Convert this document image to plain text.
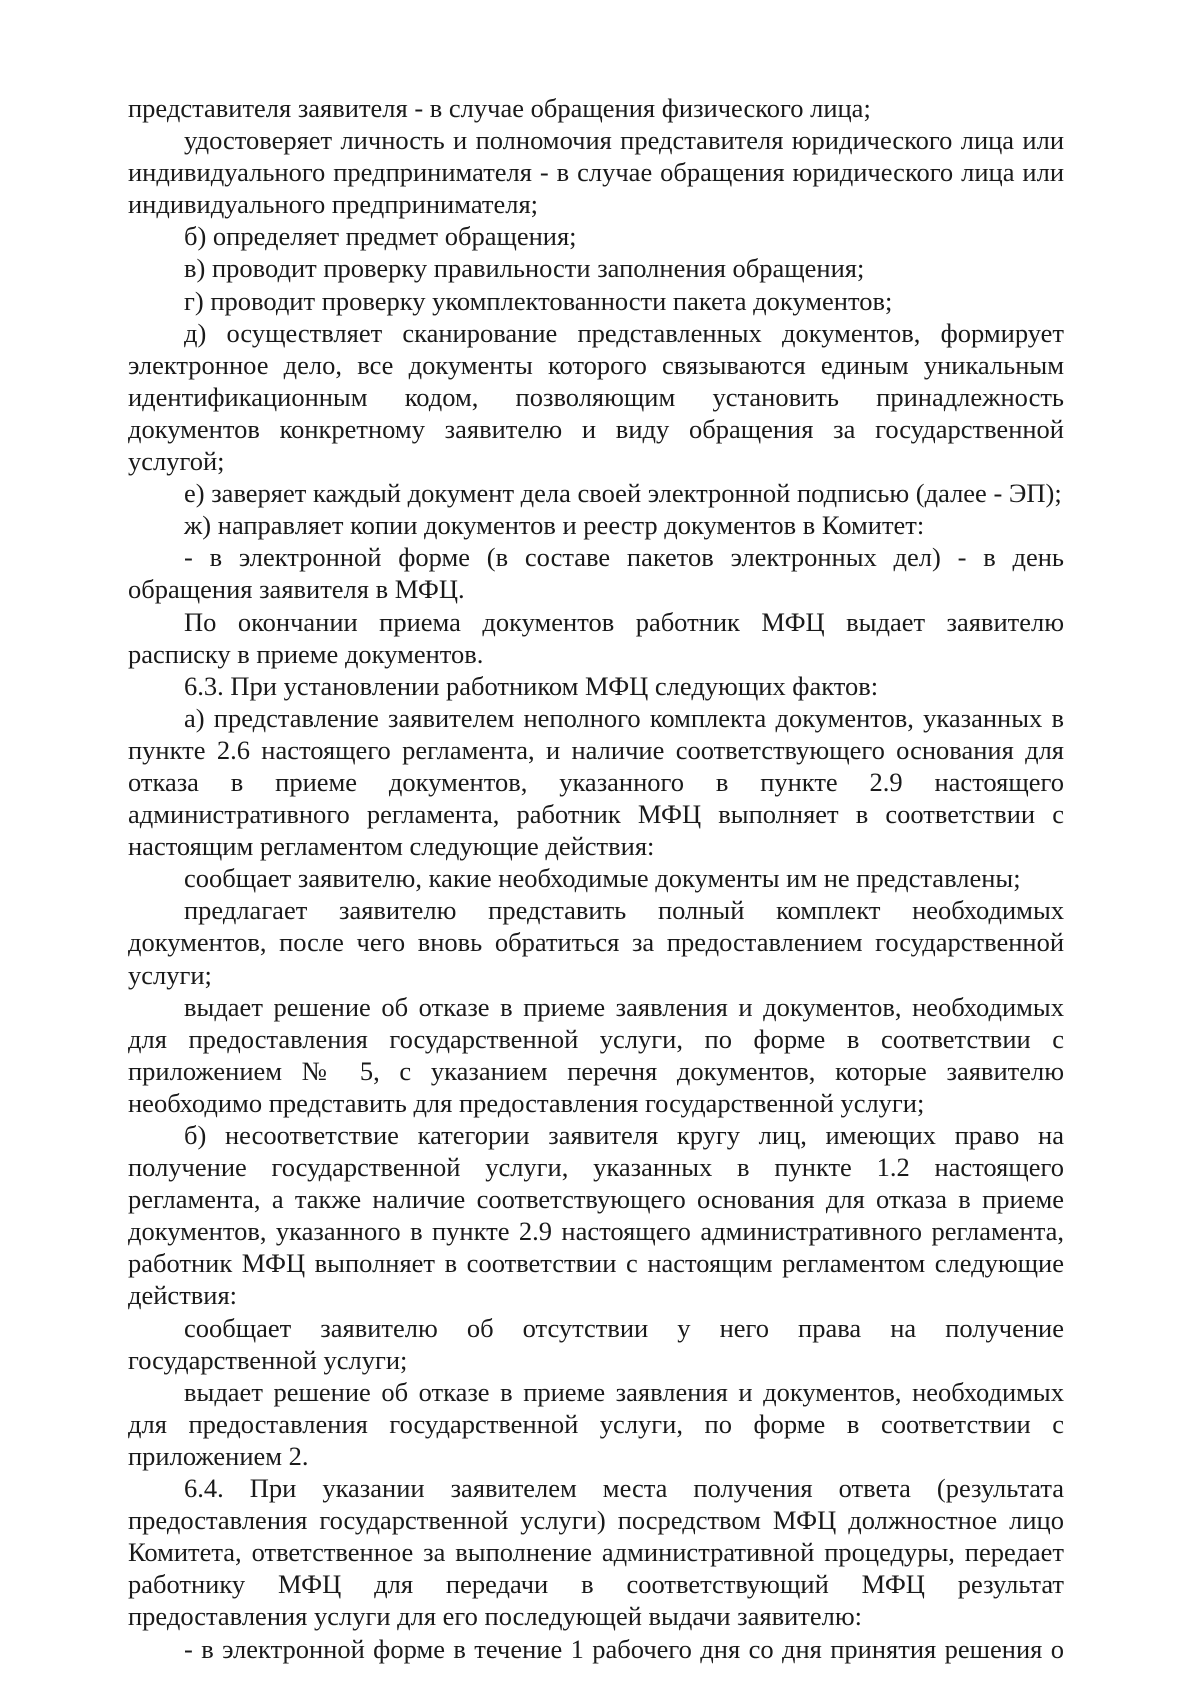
представителя заявителя - в случае обращения физического лица;

удостоверяет личность и полномочия представителя юридического лица или индивидуального предпринимателя - в случае обращения юридического лица или индивидуального предпринимателя;

б) определяет предмет обращения;

в) проводит проверку правильности заполнения обращения;

г) проводит проверку укомплектованности пакета документов;

д) осуществляет сканирование представленных документов, формирует электронное дело, все документы которого связываются единым уникальным идентификационным кодом, позволяющим установить принадлежность документов конкретному заявителю и виду обращения за государственной услугой;

е) заверяет каждый документ дела своей электронной подписью (далее - ЭП);

ж) направляет копии документов и реестр документов в Комитет:

- в электронной форме (в составе пакетов электронных дел) - в день обращения заявителя в МФЦ.

По окончании приема документов работник МФЦ выдает заявителю расписку в приеме документов.

6.3. При установлении работником МФЦ следующих фактов:

а) представление заявителем неполного комплекта документов, указанных в пункте 2.6 настоящего регламента, и наличие соответствующего основания для отказа в приеме документов, указанного в пункте 2.9 настоящего административного регламента, работник МФЦ выполняет в соответствии с настоящим регламентом следующие действия:

сообщает заявителю, какие необходимые документы им не представлены;

предлагает заявителю представить полный комплект необходимых документов, после чего вновь обратиться за предоставлением государственной услуги;

выдает решение об отказе в приеме заявления и документов, необходимых для предоставления государственной услуги, по форме в соответствии с приложением № 5, с указанием перечня документов, которые заявителю необходимо представить для предоставления государственной услуги;

б) несоответствие категории заявителя кругу лиц, имеющих право на получение государственной услуги, указанных в пункте 1.2 настоящего регламента, а также наличие соответствующего основания для отказа в приеме документов, указанного в пункте 2.9 настоящего административного регламента, работник МФЦ выполняет в соответствии с настоящим регламентом следующие действия:

сообщает заявителю об отсутствии у него права на получение государственной услуги;

выдает решение об отказе в приеме заявления и документов, необходимых для предоставления государственной услуги, по форме в соответствии с приложением 2.

6.4. При указании заявителем места получения ответа (результата предоставления государственной услуги) посредством МФЦ должностное лицо Комитета, ответственное за выполнение административной процедуры, передает работнику МФЦ для передачи в соответствующий МФЦ результат предоставления услуги для его последующей выдачи заявителю:

- в электронной форме в течение 1 рабочего дня со дня принятия решения о
